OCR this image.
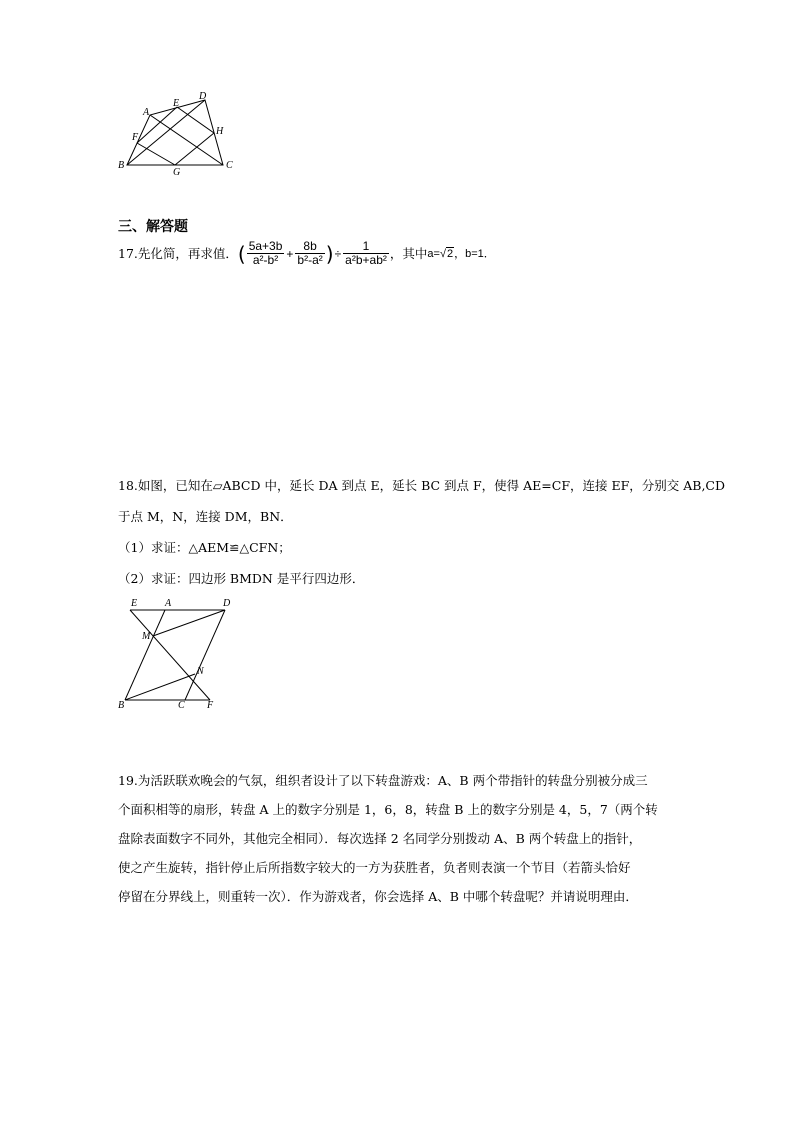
A
E
D
F
H
B
G
C
三、解答题
17.先化简，再求值． ( $\frac{5a+3b}{\text{a²-b²}} + \frac{8b}{\text{b²-a²}}$ ) ÷ $\frac{1}{\text{a²b+ab²}}$ ，其中 a=√2 ，b=1．
18.如图，已知在▱ABCD 中，延长 DA 到点 E，延长 BC 到点 F，使得 AE=CF，连接 EF，分别交 AB,CD
于点 M，N，连接 DM，BN．
（1）求证：△AEM≌△CFN；
（2）求证：四边形 BMDN 是平行四边形．
E	A	D
M
N
B	C F
19.为活跃联欢晚会的气氛，组织者设计了以下转盘游戏：A、B 两个带指针的转盘分别被分成三
个面积相等的扇形，转盘 A 上的数字分别是 1，6，8，转盘 B 上的数字分别是 4，5，7（两个转
盘除表面数字不同外，其他完全相同）．每次选择 2 名同学分别拨动 A、B 两个转盘上的指针，
使之产生旋转，指针停止后所指数字较大的一方为获胜者，负者则表演一个节目（若箭头恰好
停留在分界线上，则重转一次）．作为游戏者，你会选择 A、B 中哪个转盘呢？并请说明理由．
